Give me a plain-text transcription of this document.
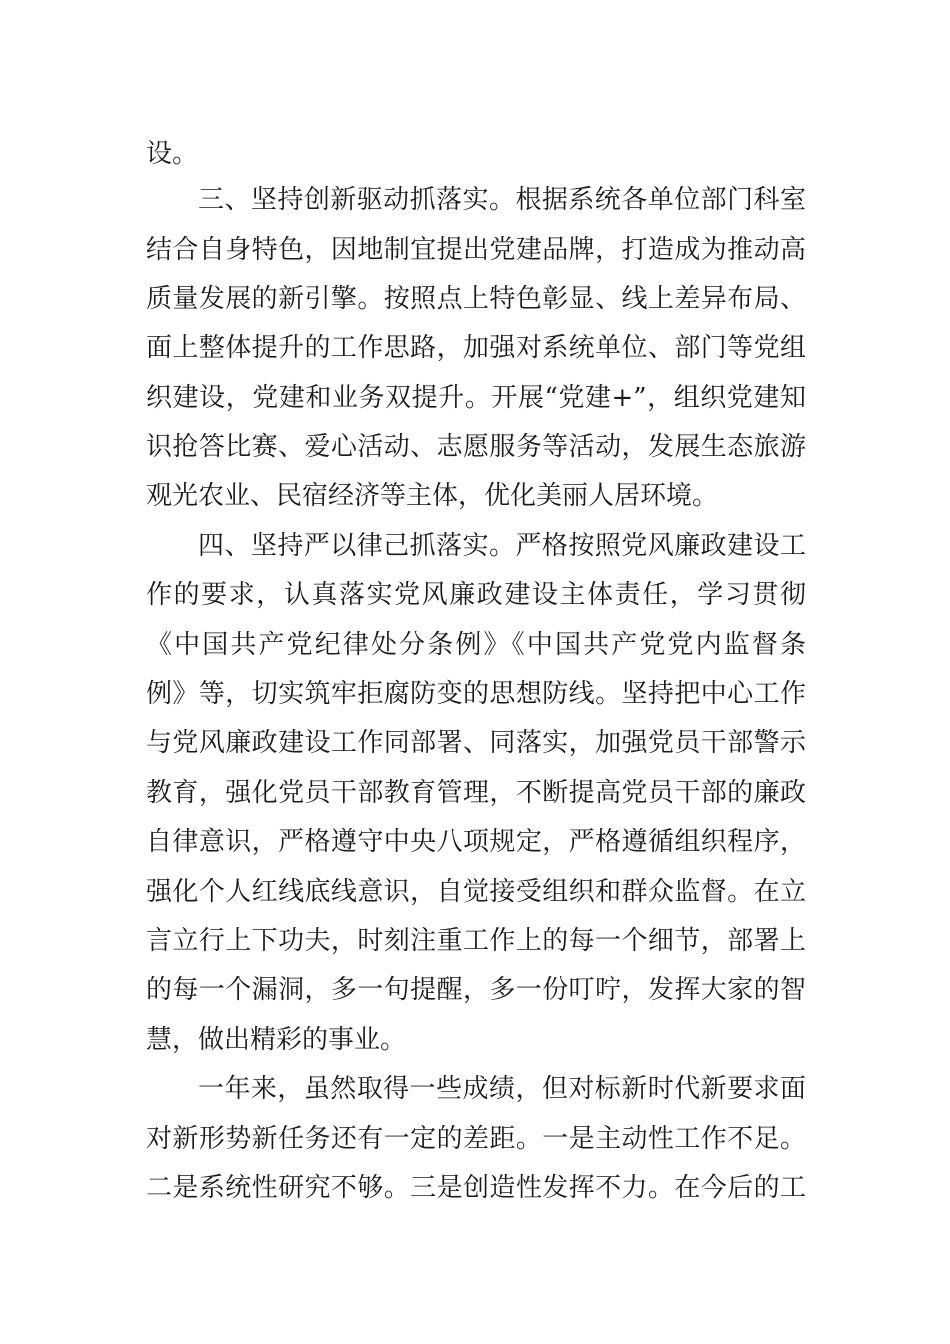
设。
三、坚持创新驱动抓落实。根据系统各单位部门科室
结合自身特色，因地制宜提出党建品牌，打造成为推动高
质量发展的新引擎。按照点上特色彰显、线上差异布局、
面上整体提升的工作思路，加强对系统单位、部门等党组
织建设，党建和业务双提升。开展“党建+”，组织党建知
识抢答比赛、爱心活动、志愿服务等活动，发展生态旅游
观光农业、民宿经济等主体，优化美丽人居环境。
四、坚持严以律己抓落实。严格按照党风廉政建设工
作的要求，认真落实党风廉政建设主体责任，学习贯彻
《中国共产党纪律处分条例》《中国共产党党内监督条
例》等，切实筑牢拒腐防变的思想防线。坚持把中心工作
与党风廉政建设工作同部署、同落实，加强党员干部警示
教育，强化党员干部教育管理，不断提高党员干部的廉政
自律意识，严格遵守中央八项规定，严格遵循组织程序，
强化个人红线底线意识，自觉接受组织和群众监督。在立
言立行上下功夫，时刻注重工作上的每一个细节，部署上
的每一个漏洞，多一句提醒，多一份叮咛，发挥大家的智
慧，做出精彩的事业。
一年来，虽然取得一些成绩，但对标新时代新要求面
对新形势新任务还有一定的差距。一是主动性工作不足。
二是系统性研究不够。三是创造性发挥不力。在今后的工
